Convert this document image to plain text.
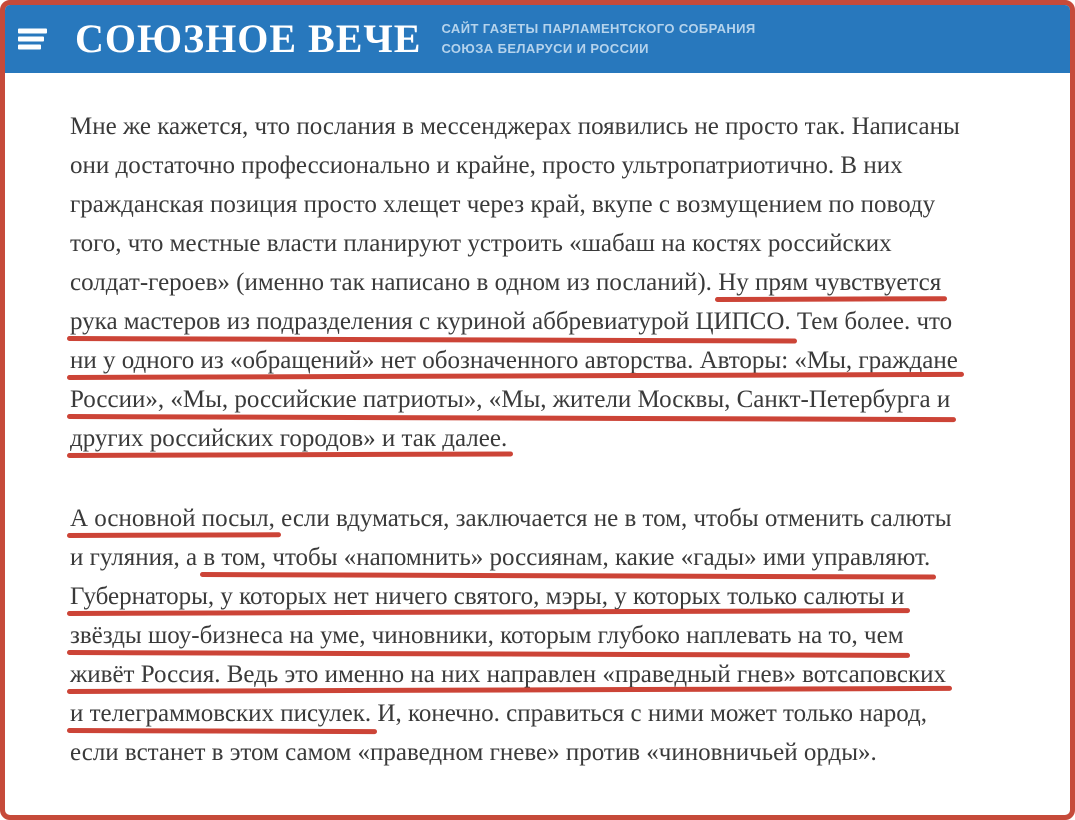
СОЮЗНОЕ ВЕЧЕ САЙТ ГАЗЕТЫ ПАРЛАМЕНТСКОГО СОБРАНИЯ
СОЮЗА БЕЛАРУСИ И РОССИИ
Мне же кажется, что послания в мессенджерах появились не просто так. Написаны
они достаточно профессионально и крайне, просто ультропатриотично. В них
гражданская позиция просто хлещет через край, вкупе с возмущением по поводу
того, что местные власти планируют устроить «шабаш на костях российских
солдат-героев» (именно так написано в одном из посланий). Ну прям чувствуется
рука мастеров из подразделения с куриной аббревиатурой ЦИПСО. Тем более. что
ни у одного из «обращений» нет обозначенного авторства. Авторы: «Мы, граждане
России», «Мы, российские патриоты», «Мы, жители Москвы, Санкт-Петербурга и
других российских городов» и так далее.
А основной посыл, если вдуматься, заключается не в том, чтобы отменить салюты
и гуляния, а в том, чтобы «напомнить» россиянам, какие «гады» ими управляют.
Губернаторы, у которых нет ничего святого, мэры, у которых только салюты и
звёзды шоу-бизнеса на уме, чиновники, которым глубоко наплевать на то, чем
живёт Россия. Ведь это именно на них направлен «праведный гнев» вотсаповских
и телеграммовских писулек. И, конечно. справиться с ними может только народ,
если встанет в этом самом «праведном гневе» против «чиновничьей орды».
